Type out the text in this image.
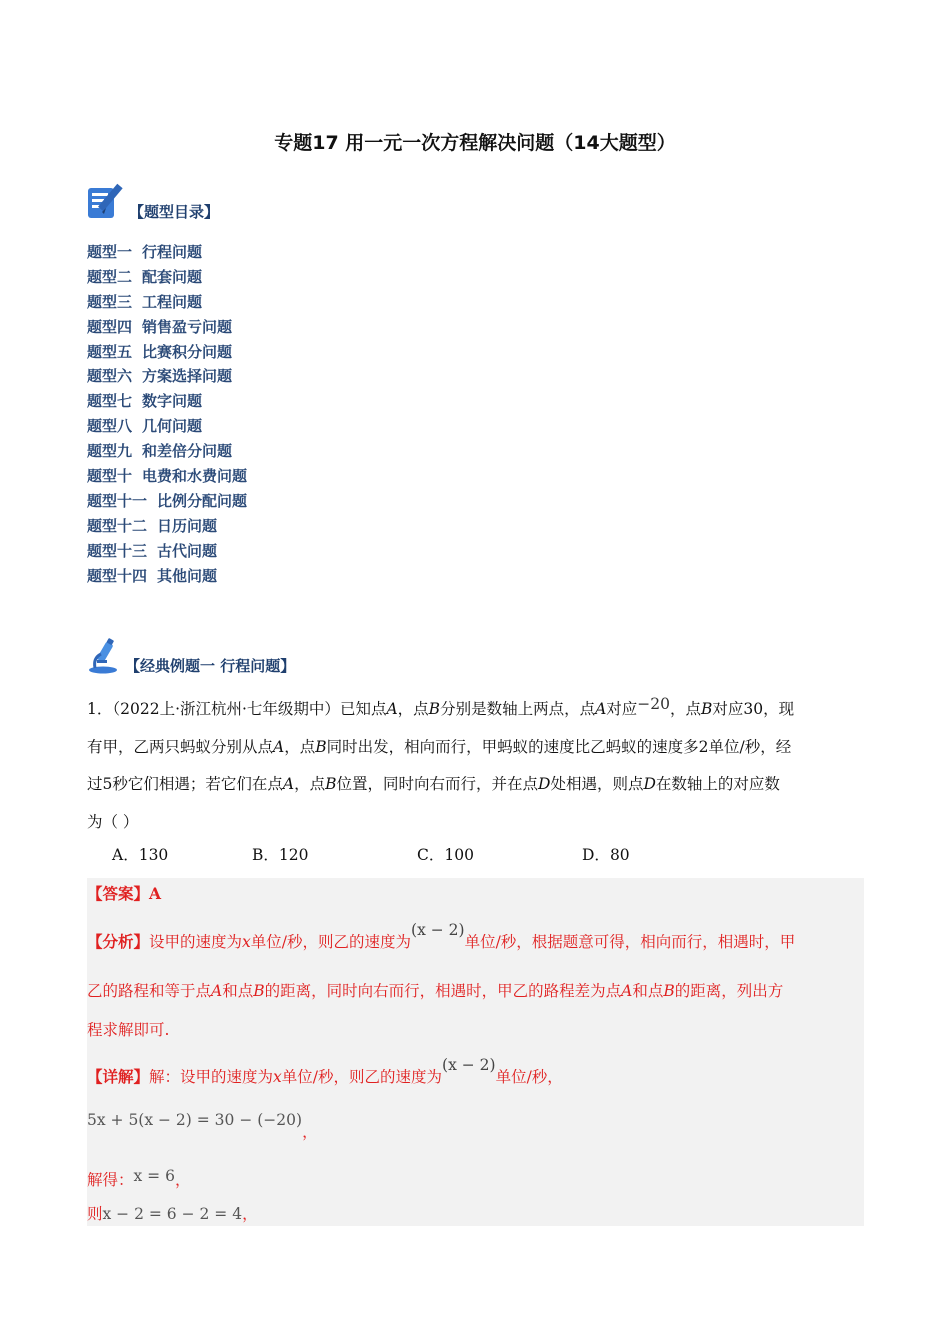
专题17 用一元一次方程解决问题（14大题型）
【题型目录】
题型一 行程问题
题型二 配套问题
题型三 工程问题
题型四 销售盈亏问题
题型五 比赛积分问题
题型六 方案选择问题
题型七 数字问题
题型八 几何问题
题型九 和差倍分问题
题型十 电费和水费问题
题型十一 比例分配问题
题型十二 日历问题
题型十三 古代问题
题型十四 其他问题
【经典例题一 行程问题】
1．（2022上·浙江杭州·七年级期中）已知点A，点B分别是数轴上两点，点A对应−20，点B对应30，现
有甲，乙两只蚂蚁分别从点A，点B同时出发，相向而行，甲蚂蚁的速度比乙蚂蚁的速度多2单位/秒，经
过5秒它们相遇；若它们在点A，点B位置，同时向右而行，并在点D处相遇，则点D在数轴上的对应数
为（ ）
A．130	B．120	C．100	D．80
【答案】A
【分析】设甲的速度为x单位/秒，则乙的速度为(x − 2)单位/秒，根据题意可得，相向而行，相遇时，甲
乙的路程和等于点A和点B的距离，同时向右而行，相遇时，甲乙的路程差为点A和点B的距离，列出方
程求解即可.
【详解】解：设甲的速度为x单位/秒，则乙的速度为(x − 2)单位/秒，
5x + 5(x − 2) = 30 − (−20)，
解得：x = 6，
则x − 2 = 6 − 2 = 4，
